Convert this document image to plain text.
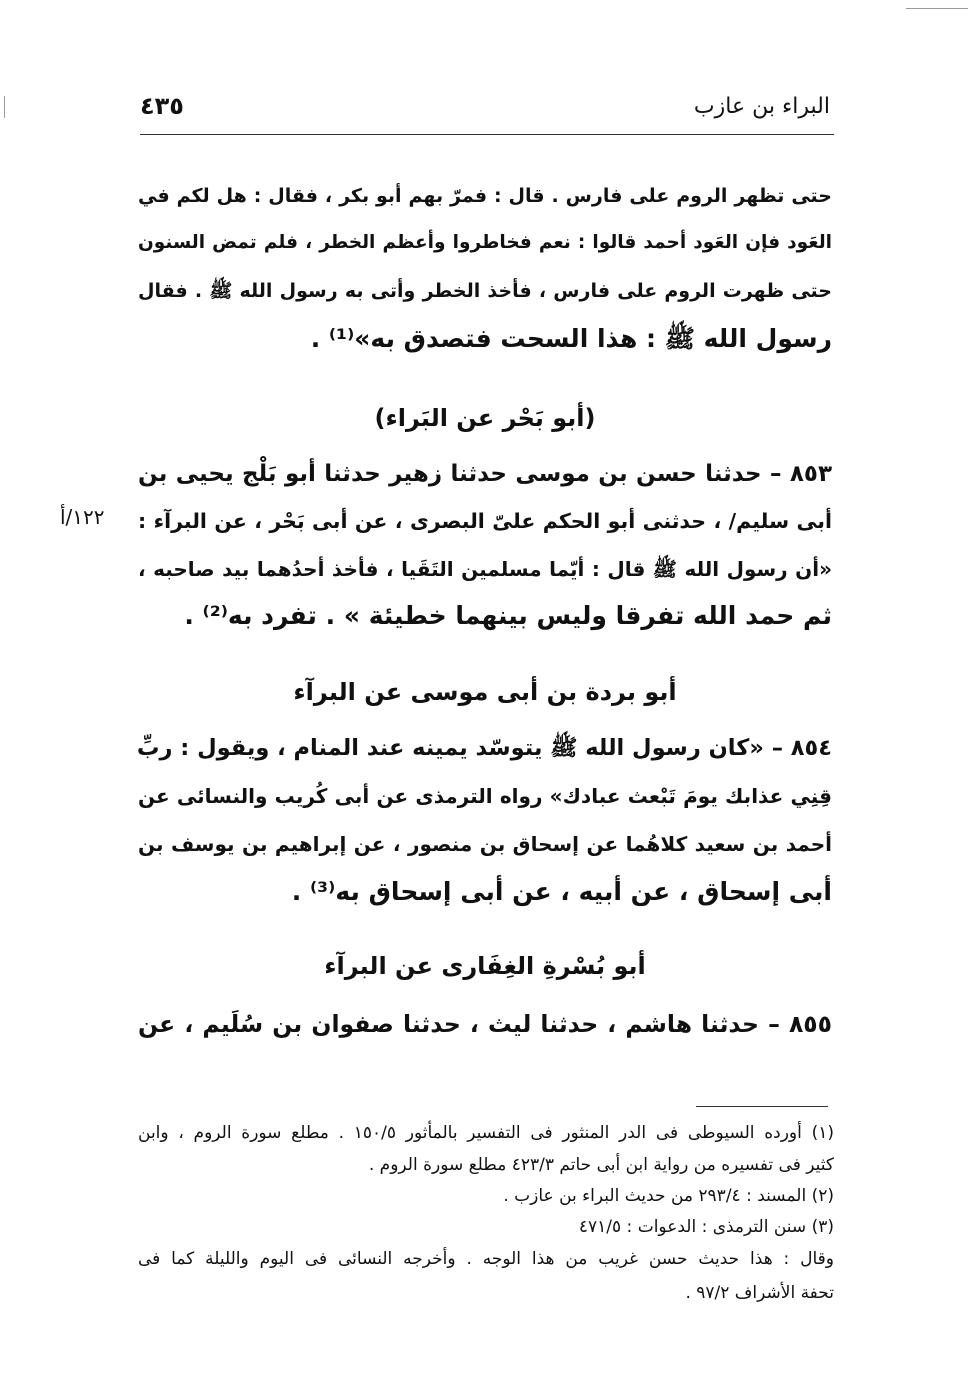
البراء بن عازب
٤٣٥
حتى تظهر الروم على فارس . قال : فمرّ بهم أبو بكر ، فقال : هل لكم في
العَود فإن العَود أحمد قالوا : نعم فخاطروا وأعظم الخطر ، فلم تمض السنون
حتى ظهرت الروم على فارس ، فأخذ الخطر وأتى به رسول الله ﷺ . فقال
رسول الله ﷺ : هذا السحت فتصدق به»⁽¹⁾ .
(أبو بَحْر عن البَراء)
٨٥٣ – حدثنا حسن بن موسى حدثنا زهير حدثنا أبو بَلْج يحيى بن
أبى سليم/ ، حدثنى أبو الحكم علىّ البصرى ، عن أبى بَحْر ، عن البرآء :
«أن رسول الله ﷺ قال : أيّما مسلمين التَقَيا ، فأخذ أحدُهما بيد صاحبه ،
ثم حمد الله تفرقا وليس بينهما خطيئة » . تفرد به⁽²⁾ .
١٢٢/أ
أبو بردة بن أبى موسى عن البرآء
٨٥٤ – «كان رسول الله ﷺ يتوسّد يمينه عند المنام ، ويقول : ربِّ
قِنِي عذابك يومَ تَبْعث عبادك» رواه الترمذى عن أبى كُريب والنسائى عن
أحمد بن سعيد كلاهُما عن إسحاق بن منصور ، عن إبراهيم بن يوسف بن
أبى إسحاق ، عن أبيه ، عن أبى إسحاق به⁽³⁾ .
أبو بُسْرةِ الغِفَارى عن البرآء
٨٥٥ – حدثنا هاشم ، حدثنا ليث ، حدثنا صفوان بن سُلَيم ، عن
(١) أورده السيوطى فى الدر المنثور فى التفسير بالمأثور ١٥٠/٥ . مطلع سورة الروم ، وابن
كثير فى تفسيره من رواية ابن أبى حاتم ٤٢٣/٣ مطلع سورة الروم .
(٢) المسند : ٢٩٣/٤ من حديث البراء بن عازب .
(٣) سنن الترمذى : الدعوات : ٤٧١/٥
وقال : هذا حديث حسن غريب من هذا الوجه . وأخرجه النسائى فى اليوم والليلة كما فى
تحفة الأشراف ٩٧/٢ .
